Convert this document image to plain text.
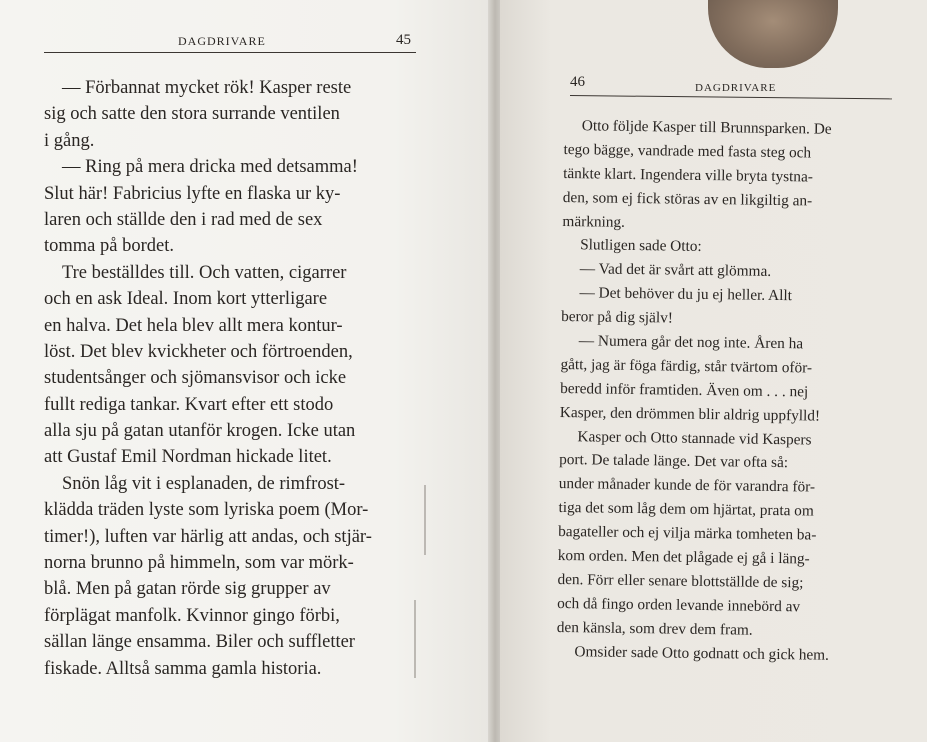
DAGDRIVARE	45
— Förbannat mycket rök! Kasper reste
sig och satte den stora surrande ventilen
i gång.
— Ring på mera dricka med detsamma!
Slut här! Fabricius lyfte en flaska ur ky-
laren och ställde den i rad med de sex
tomma på bordet.
Tre beställdes till. Och vatten, cigarrer
och en ask Ideal. Inom kort ytterligare
en halva. Det hela blev allt mera kontur-
löst. Det blev kvickheter och förtroenden,
studentsånger och sjömansvisor och icke
fullt rediga tankar. Kvart efter ett stodo
alla sju på gatan utanför krogen. Icke utan
att Gustaf Emil Nordman hickade litet.
Snön låg vit i esplanaden, de rimfrost-
klädda träden lyste som lyriska poem (Mor-
timer!), luften var härlig att andas, och stjär-
norna brunno på himmeln, som var mörk-
blå. Men på gatan rörde sig grupper av
förplägat manfolk. Kvinnor gingo förbi,
sällan länge ensamma. Biler och suffletter
fiskade. Alltså samma gamla historia.
46	DAGDRIVARE
Otto följde Kasper till Brunnsparken. De
tego bägge, vandrade med fasta steg och
tänkte klart. Ingendera ville bryta tystna-
den, som ej fick störas av en likgiltig an-
märkning.
Slutligen sade Otto:
— Vad det är svårt att glömma.
— Det behöver du ju ej heller. Allt
beror på dig själv!
— Numera går det nog inte. Åren ha
gått, jag är föga färdig, står tvärtom oför-
beredd inför framtiden. Även om . . . nej
Kasper, den drömmen blir aldrig uppfylld!
Kasper och Otto stannade vid Kaspers
port. De talade länge. Det var ofta så:
under månader kunde de för varandra för-
tiga det som låg dem om hjärtat, prata om
bagateller och ej vilja märka tomheten ba-
kom orden. Men det plågade ej gå i läng-
den. Förr eller senare blottställde de sig;
och då fingo orden levande innebörd av
den känsla, som drev dem fram.
Omsider sade Otto godnatt och gick hem.
